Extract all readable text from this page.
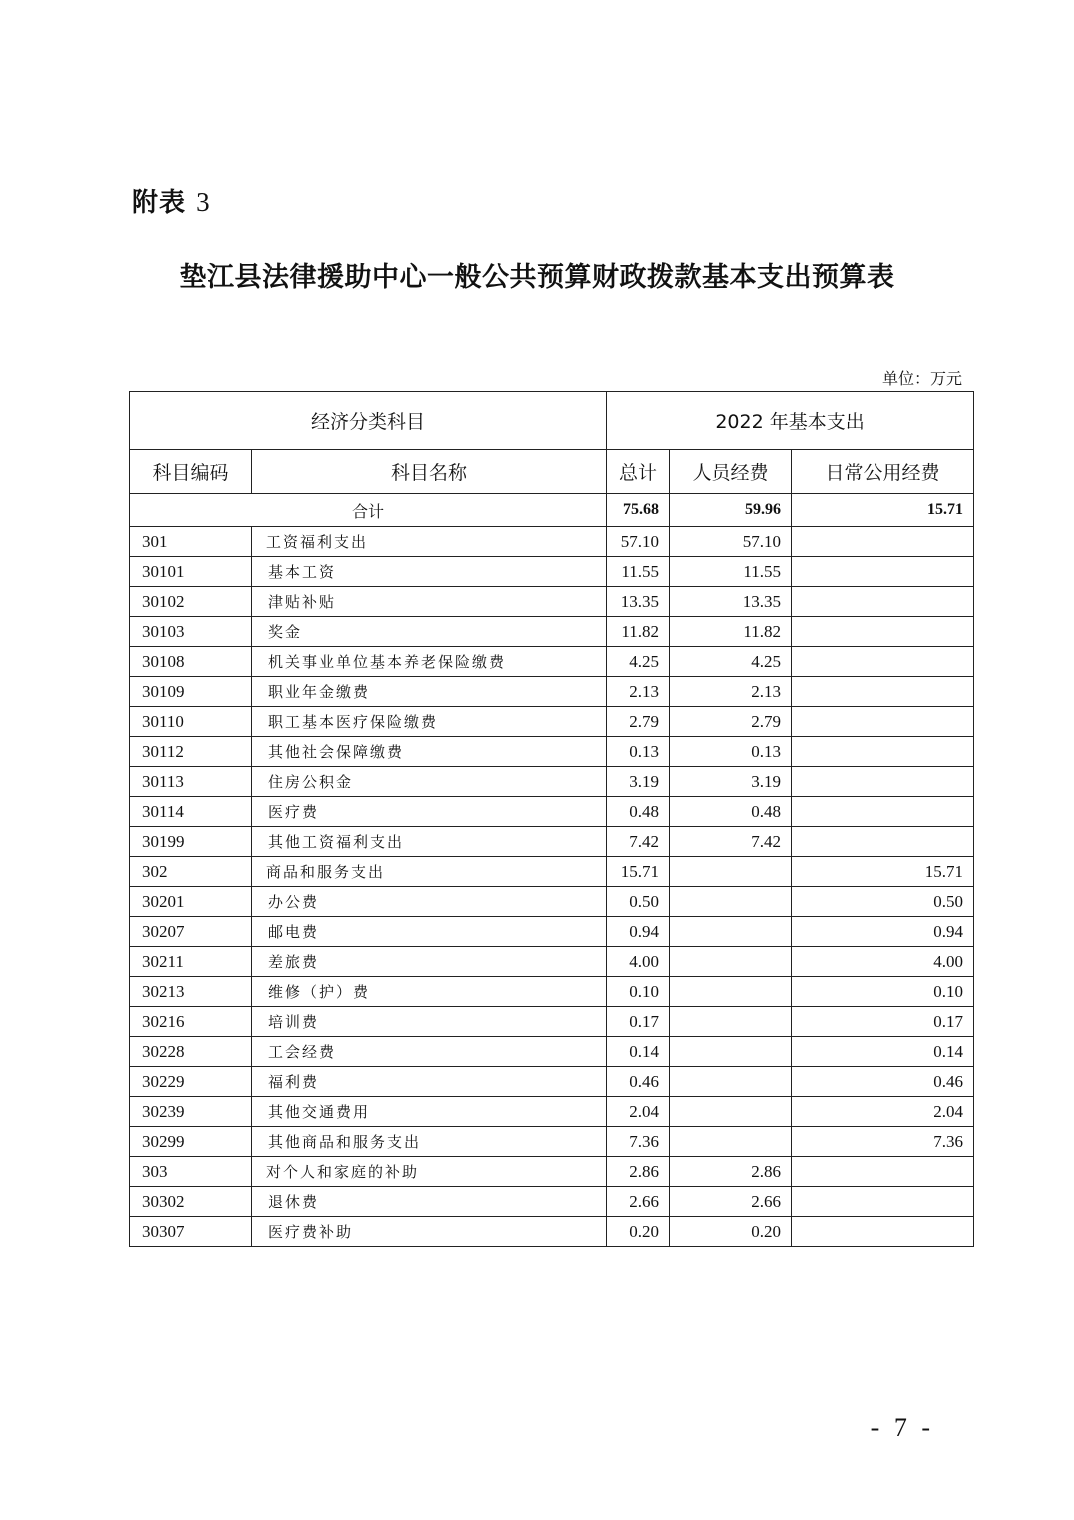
附表 3
垫江县法律援助中心一般公共预算财政拨款基本支出预算表
单位：万元
经济分类科目		2022 年基本支出		
科目编码	科目名称	总计	人员经费	日常公用经费
合计		75.68	59.96	15.71
301	工资福利支出	57.10	57.10	
30101	基本工资	11.55	11.55	
30102	津贴补贴	13.35	13.35	
30103	奖金	11.82	11.82	
30108	机关事业单位基本养老保险缴费	4.25	4.25	
30109	职业年金缴费	2.13	2.13	
30110	职工基本医疗保险缴费	2.79	2.79	
30112	其他社会保障缴费	0.13	0.13	
30113	住房公积金	3.19	3.19	
30114	医疗费	0.48	0.48	
30199	其他工资福利支出	7.42	7.42	
302	商品和服务支出	15.71		15.71
30201	办公费	0.50		0.50
30207	邮电费	0.94		0.94
30211	差旅费	4.00		4.00
30213	维修（护）费	0.10		0.10
30216	培训费	0.17		0.17
30228	工会经费	0.14		0.14
30229	福利费	0.46		0.46
30239	其他交通费用	2.04		2.04
30299	其他商品和服务支出	7.36		7.36
303	对个人和家庭的补助	2.86	2.86	
30302	退休费	2.66	2.66	
30307	医疗费补助	0.20	0.20	
- 7 -
